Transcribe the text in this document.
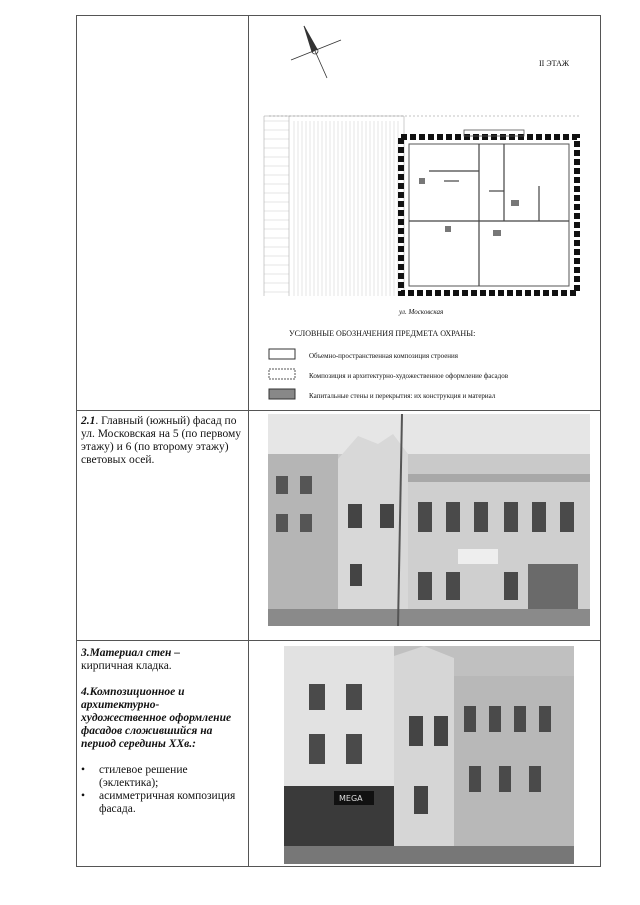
II ЭТАЖ
ул. Московская
УСЛОВНЫЕ ОБОЗНАЧЕНИЯ ПРЕДМЕТА ОХРАНЫ:
Объемно-пространственная композиция строения
Композиция и архитектурно-художественное оформление фасадов
Капитальные стены и перекрытия: их конструкция и материал
2.1. Главный (южный) фасад по ул. Московская на 5 (по первому этажу) и 6 (по второму этажу) световых осей.
3.Материал стен –
кирпичная кладка.
4.Композиционное и архитектурно-художественное оформление фасадов сложившийся на период середины XXв.:
• стилевое решение (эклектика);
• асимметричная композиция фасада.
MEGA
